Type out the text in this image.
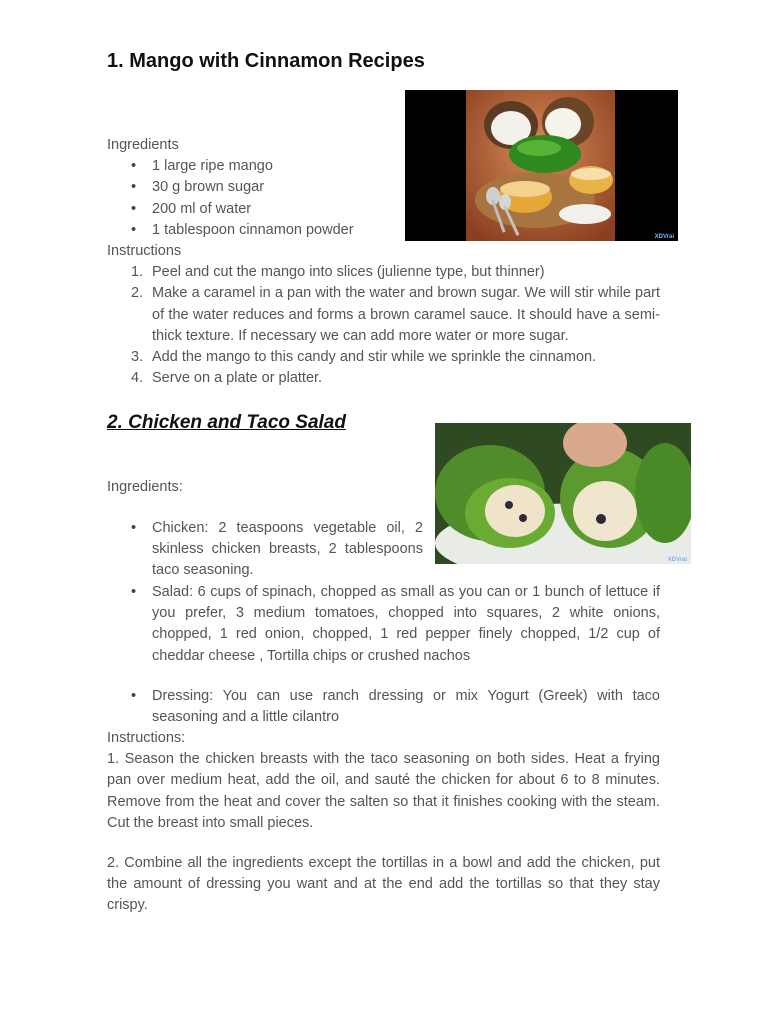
1. Mango with Cinnamon Recipes
XDVrai
Ingredients
• 1 large ripe mango
• 30 g brown sugar
• 200 ml of water
• 1 tablespoon cinnamon powder
Instructions
1. Peel and cut the mango into slices (julienne type, but thinner)
2. Make a caramel in a pan with the water and brown sugar. We will stir while part of the water reduces and forms a brown caramel sauce. It should have a semi-thick texture. If necessary we can add more water or more sugar.
3. Add the mango to this candy and stir while we sprinkle the cinnamon.
4. Serve on a plate or platter.
2. Chicken and Taco Salad
XDVrai
Ingredients:
• Chicken: 2 teaspoons vegetable oil, 2 skinless chicken breasts, 2 tablespoons taco seasoning.
• Salad: 6 cups of spinach, chopped as small as you can or 1 bunch of lettuce if you prefer, 3 medium tomatoes, chopped into squares, 2 white onions, chopped, 1 red onion, chopped, 1 red pepper finely chopped, 1/2 cup of cheddar cheese , Tortilla chips or crushed nachos
• Dressing: You can use ranch dressing or mix Yogurt (Greek) with taco seasoning and a little cilantro
Instructions:

1. Season the chicken breasts with the taco seasoning on both sides. Heat a frying pan over medium heat, add the oil, and sauté the chicken for about 6 to 8 minutes. Remove from the heat and cover the salten so that it finishes cooking with the steam. Cut the breast into small pieces.

2. Combine all the ingredients except the tortillas in a bowl and add the chicken, put the amount of dressing you want and at the end add the tortillas so that they stay crispy.
